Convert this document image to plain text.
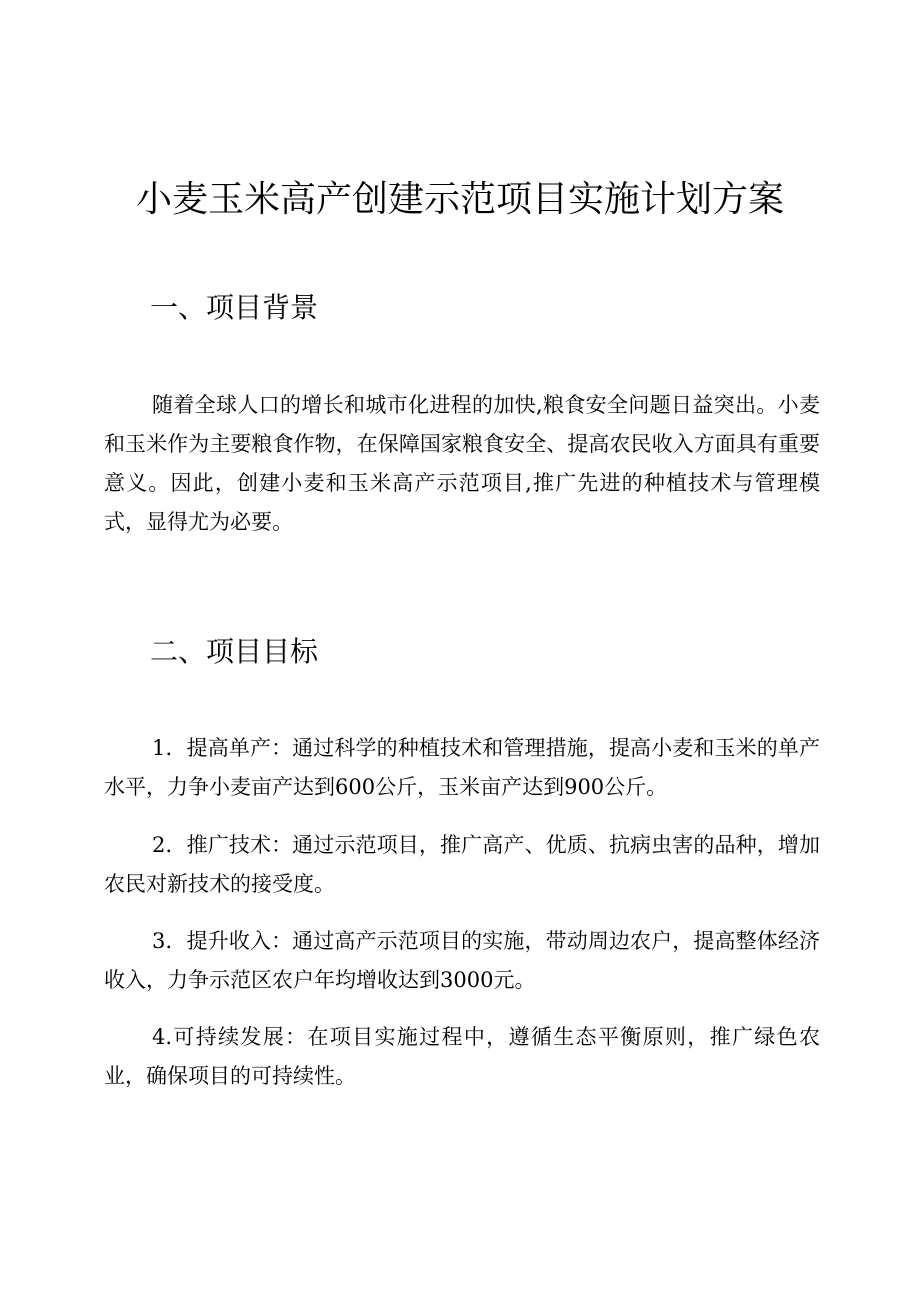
小麦玉米高产创建示范项目实施计划方案
一、项目背景

随着全球人口的增长和城市化进程的加快,粮食安全问题日益突出。小麦和玉米作为主要粮食作物，在保障国家粮食安全、提高农民收入方面具有重要意义。因此，创建小麦和玉米高产示范项目,推广先进的种植技术与管理模式，显得尤为必要。

二、项目目标

1．提高单产：通过科学的种植技术和管理措施，提高小麦和玉米的单产水平，力争小麦亩产达到600公斤，玉米亩产达到900公斤。

2．推广技术：通过示范项目，推广高产、优质、抗病虫害的品种，增加农民对新技术的接受度。

3．提升收入：通过高产示范项目的实施，带动周边农户，提高整体经济收入，力争示范区农户年均增收达到3000元。

4.可持续发展：在项目实施过程中，遵循生态平衡原则，推广绿色农业，确保项目的可持续性。
